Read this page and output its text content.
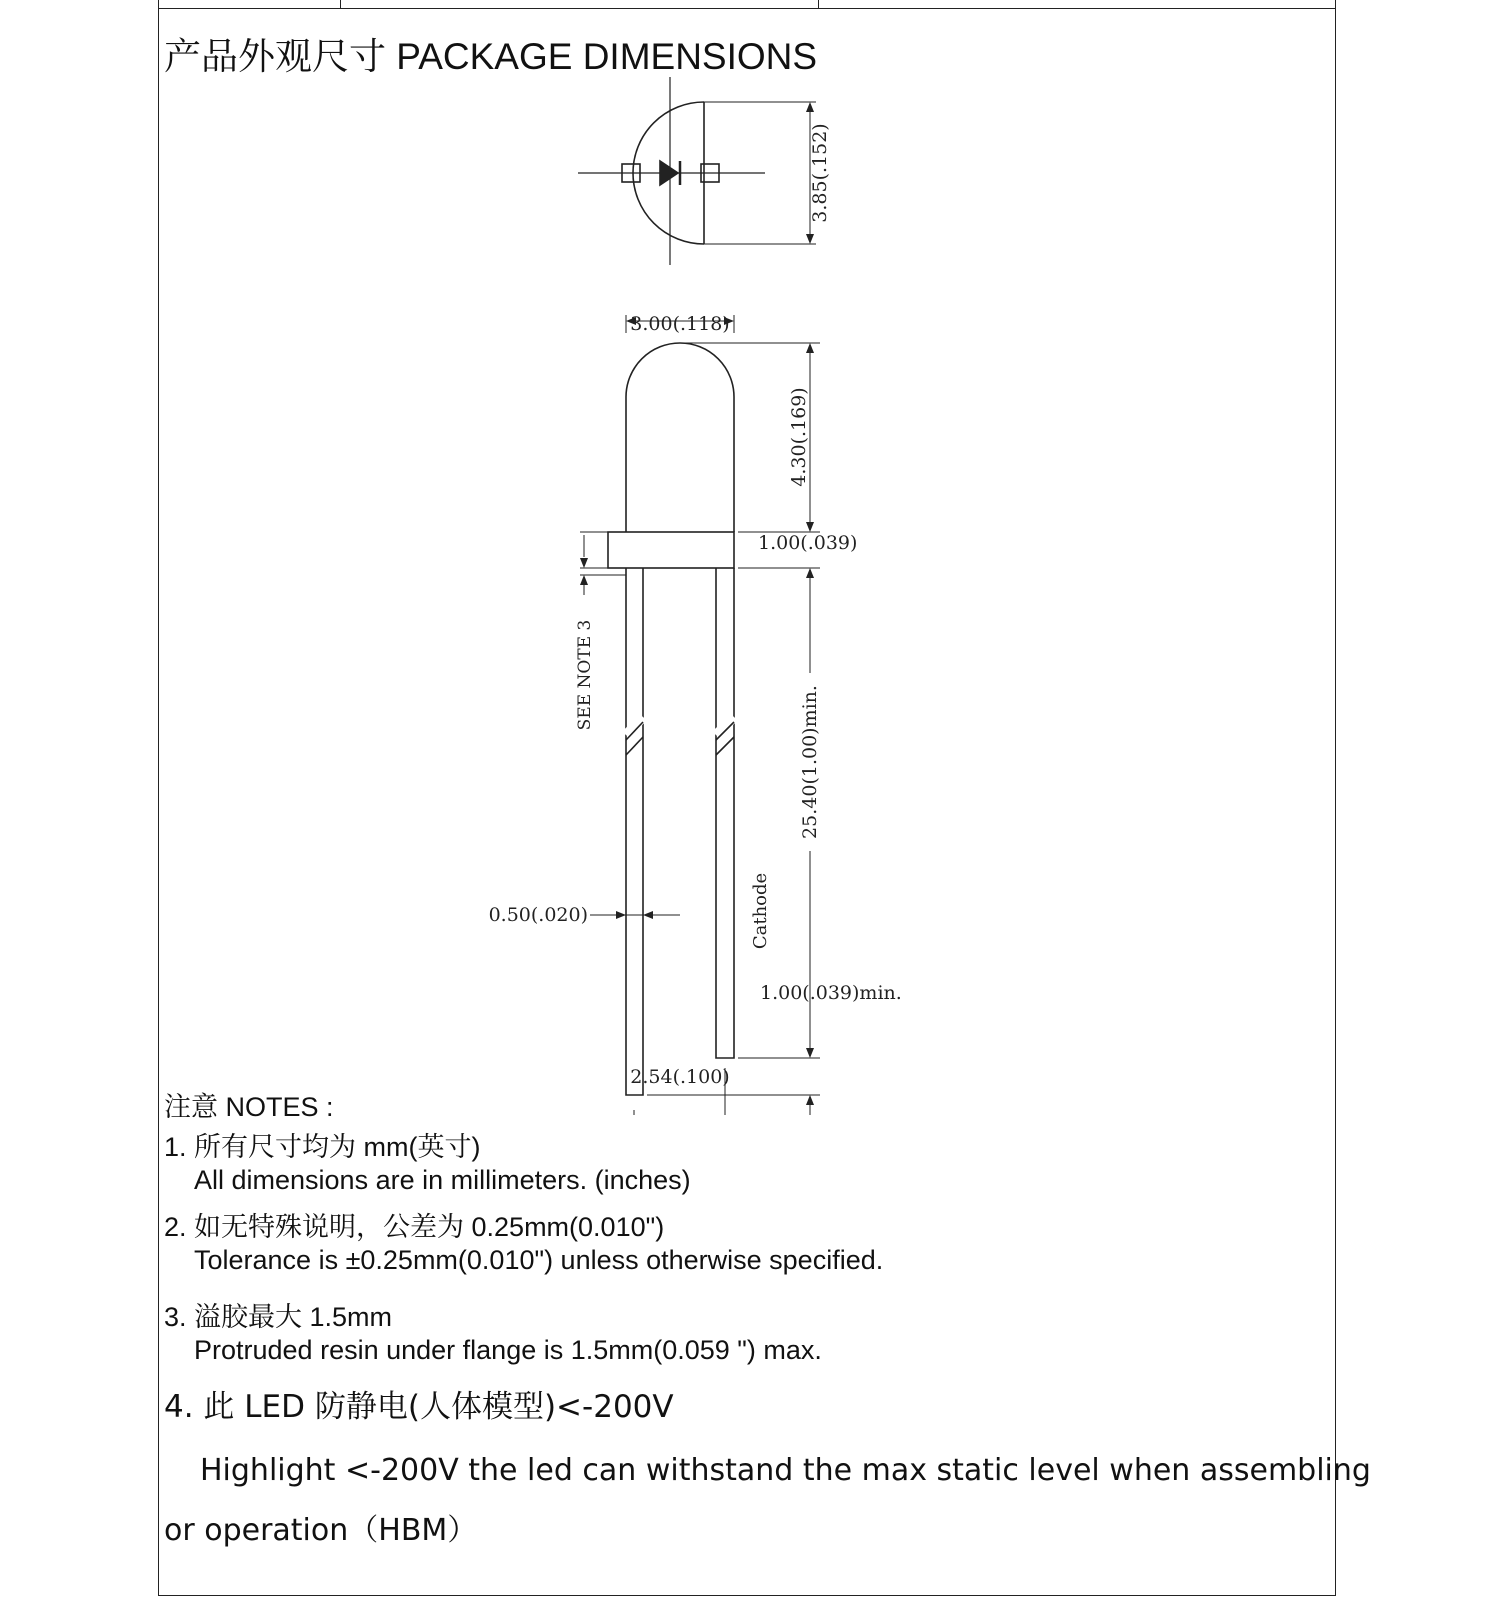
产品外观尺寸 PACKAGE DIMENSIONS
3.85(.152)
3.00(.118)
4.30(.169)
1.00(.039)
25.40(1.00)min.
1.00(.039)min.
0.50(.020)
2.54(.100)
SEE NOTE 3
Cathode
注意 NOTES :
1. 所有尺寸均为 mm(英寸)
All dimensions are in millimeters. (inches)
2. 如无特殊说明，公差为 0.25mm(0.010")
Tolerance is ±0.25mm(0.010") unless otherwise specified.
3. 溢胶最大 1.5mm
Protruded resin under flange is 1.5mm(0.059 ") max.
4. 此 LED 防静电(人体模型)<-200V
Highlight <-200V the led can withstand the max static level when assembling
or operation（HBM）
